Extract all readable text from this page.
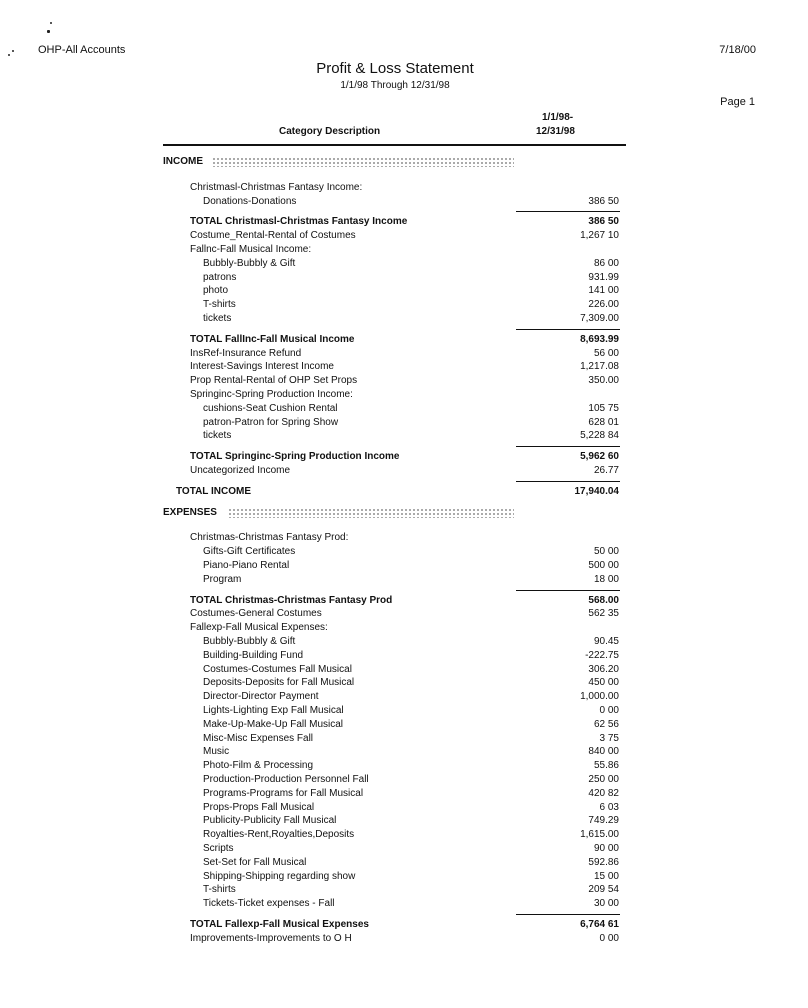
OHP-All Accounts	7/18/00
Profit & Loss Statement
1/1/98 Through 12/31/98
Page 1
1/1/98-
12/31/98
Category Description
INCOME
Christmasl-Christmas Fantasy Income:
Donations-Donations	386 50
TOTAL Christmasl-Christmas Fantasy Income	386 50
Costume_Rental-Rental of Costumes	1,267 10
Fallnc-Fall Musical Income:
Bubbly-Bubbly & Gift	86 00
patrons	931.99
photo	141 00
T-shirts	226.00
tickets	7,309.00
TOTAL FallInc-Fall Musical Income	8,693.99
InsRef-Insurance Refund	56 00
Interest-Savings Interest Income	1,217.08
Prop Rental-Rental of OHP Set Props	350.00
Springinc-Spring Production Income:
cushions-Seat Cushion Rental	105 75
patron-Patron for Spring Show	628 01
tickets	5,228 84
TOTAL Springinc-Spring Production Income	5,962 60
Uncategorized Income	26.77
TOTAL INCOME	17,940.04
EXPENSES
Christmas-Christmas Fantasy Prod:
Gifts-Gift Certificates	50 00
Piano-Piano Rental	500 00
Program	18 00
TOTAL Christmas-Christmas Fantasy Prod	568.00
Costumes-General Costumes	562 35
Fallexp-Fall Musical Expenses:
Bubbly-Bubbly & Gift	90.45
Building-Building Fund	-222.75
Costumes-Costumes Fall Musical	306.20
Deposits-Deposits for Fall Musical	450 00
Director-Director Payment	1,000.00
Lights-Lighting Exp Fall Musical	0 00
Make-Up-Make-Up Fall Musical	62 56
Misc-Misc Expenses Fall	3 75
Music	840 00
Photo-Film & Processing	55.86
Production-Production Personnel Fall	250 00
Programs-Programs for Fall Musical	420 82
Props-Props Fall Musical	6 03
Publicity-Publicity Fall Musical	749.29
Royalties-Rent,Royalties,Deposits	1,615.00
Scripts	90 00
Set-Set for Fall Musical	592.86
Shipping-Shipping regarding show	15 00
T-shirts	209 54
Tickets-Ticket expenses - Fall	30 00
TOTAL Fallexp-Fall Musical Expenses	6,764 61
Improvements-Improvements to O H	0 00
